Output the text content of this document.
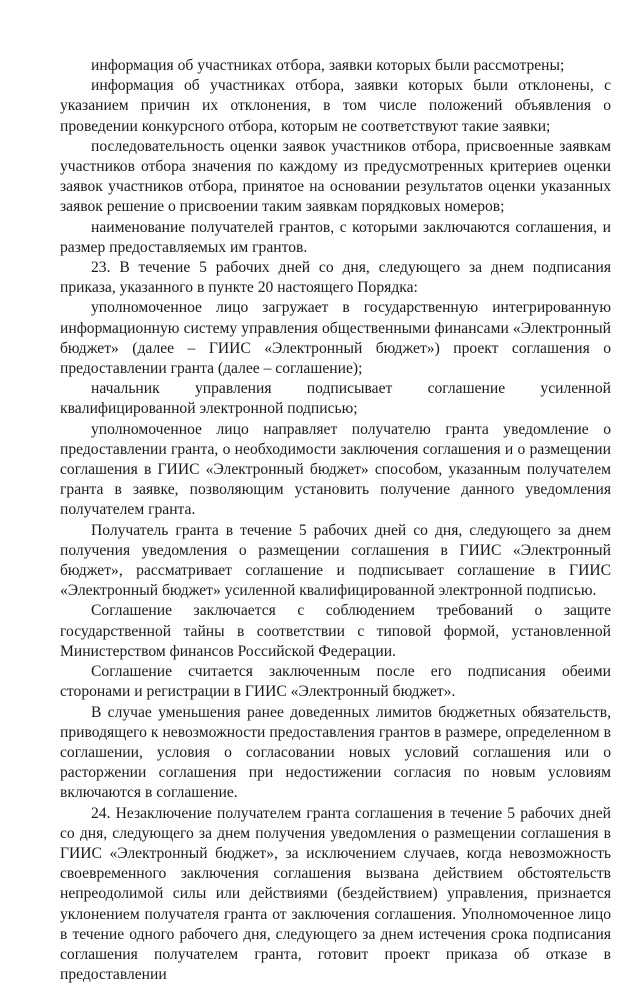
информация об участниках отбора, заявки которых были рассмотрены;

информация об участниках отбора, заявки которых были отклонены, с указанием причин их отклонения, в том числе положений объявления о проведении конкурсного отбора, которым не соответствуют такие заявки;

последовательность оценки заявок участников отбора, присвоенные заявкам участников отбора значения по каждому из предусмотренных критериев оценки заявок участников отбора, принятое на основании результатов оценки указанных заявок решение о присвоении таким заявкам порядковых номеров;

наименование получателей грантов, с которыми заключаются соглашения, и размер предоставляемых им грантов.

23. В течение 5 рабочих дней со дня, следующего за днем подписания приказа, указанного в пункте 20 настоящего Порядка:

уполномоченное лицо загружает в государственную интегрированную информационную систему управления общественными финансами «Электронный бюджет» (далее – ГИИС «Электронный бюджет») проект соглашения о предоставлении гранта (далее – соглашение);

начальник управления подписывает соглашение усиленной квалифицированной электронной подписью;

уполномоченное лицо направляет получателю гранта уведомление о предоставлении гранта, о необходимости заключения соглашения и о размещении соглашения в ГИИС «Электронный бюджет» способом, указанным получателем гранта в заявке, позволяющим установить получение данного уведомления получателем гранта.

Получатель гранта в течение 5 рабочих дней со дня, следующего за днем получения уведомления о размещении соглашения в ГИИС «Электронный бюджет», рассматривает соглашение и подписывает соглашение в ГИИС «Электронный бюджет» усиленной квалифицированной электронной подписью.

Соглашение заключается с соблюдением требований о защите государственной тайны в соответствии с типовой формой, установленной Министерством финансов Российской Федерации.

Соглашение считается заключенным после его подписания обеими сторонами и регистрации в ГИИС «Электронный бюджет».

В случае уменьшения ранее доведенных лимитов бюджетных обязательств, приводящего к невозможности предоставления грантов в размере, определенном в соглашении, условия о согласовании новых условий соглашения или о расторжении соглашения при недостижении согласия по новым условиям включаются в соглашение.

24. Незаключение получателем гранта соглашения в течение 5 рабочих дней со дня, следующего за днем получения уведомления о размещении соглашения в ГИИС «Электронный бюджет», за исключением случаев, когда невозможность своевременного заключения соглашения вызвана действием обстоятельств непреодолимой силы или действиями (бездействием) управления, признается уклонением получателя гранта от заключения соглашения. Уполномоченное лицо в течение одного рабочего дня, следующего за днем истечения срока подписания соглашения получателем гранта, готовит проект приказа об отказе в предоставлении
